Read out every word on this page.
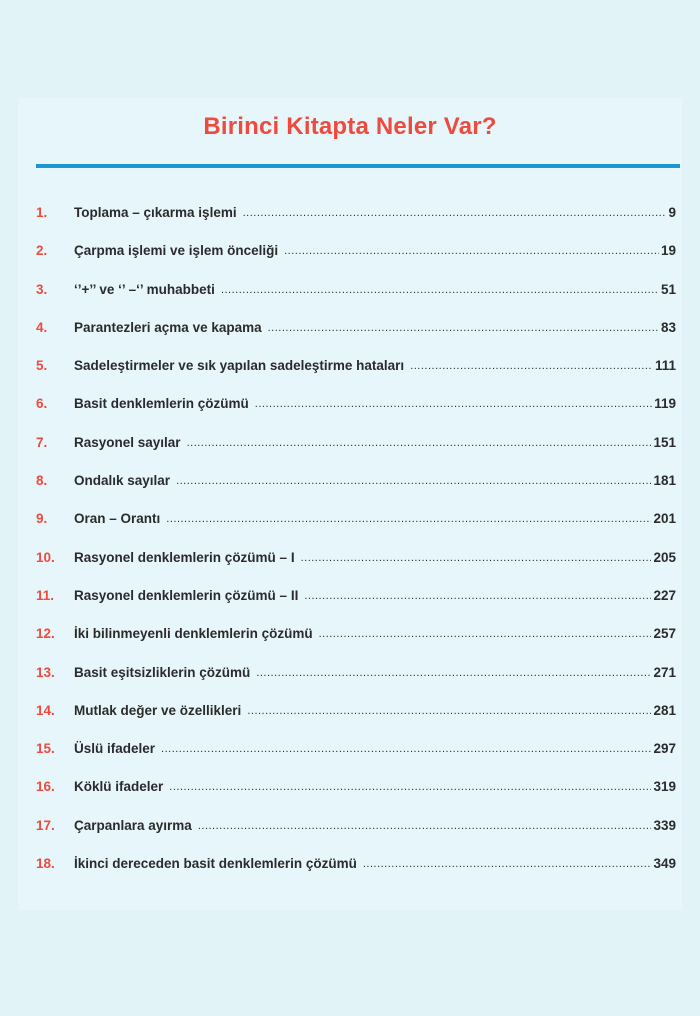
Birinci Kitapta Neler Var?
1.	Toplama – çıkarma işlemi .....	9
2.	Çarpma işlemi ve işlem önceliği .....	19
3.	‘’+’’ ve ‘’ –‘’ muhabbeti .....	51
4.	Parantezleri açma ve kapama .....	83
5.	Sadeleştirmeler ve sık yapılan sadeleştirme hataları .....	111
6.	Basit denklemlerin çözümü .....	119
7.	Rasyonel sayılar .....	151
8.	Ondalık sayılar .....	181
9.	Oran – Orantı .....	201
10.	Rasyonel denklemlerin çözümü – I .....	205
11.	Rasyonel denklemlerin çözümü – II .....	227
12.	İki bilinmeyenli denklemlerin çözümü .....	257
13.	Basit eşitsizliklerin çözümü .....	271
14.	Mutlak değer ve özellikleri .....	281
15.	Üslü ifadeler .....	297
16.	Köklü ifadeler .....	319
17.	Çarpanlara ayırma .....	339
18.	İkinci dereceden basit denklemlerin çözümü .....	349
